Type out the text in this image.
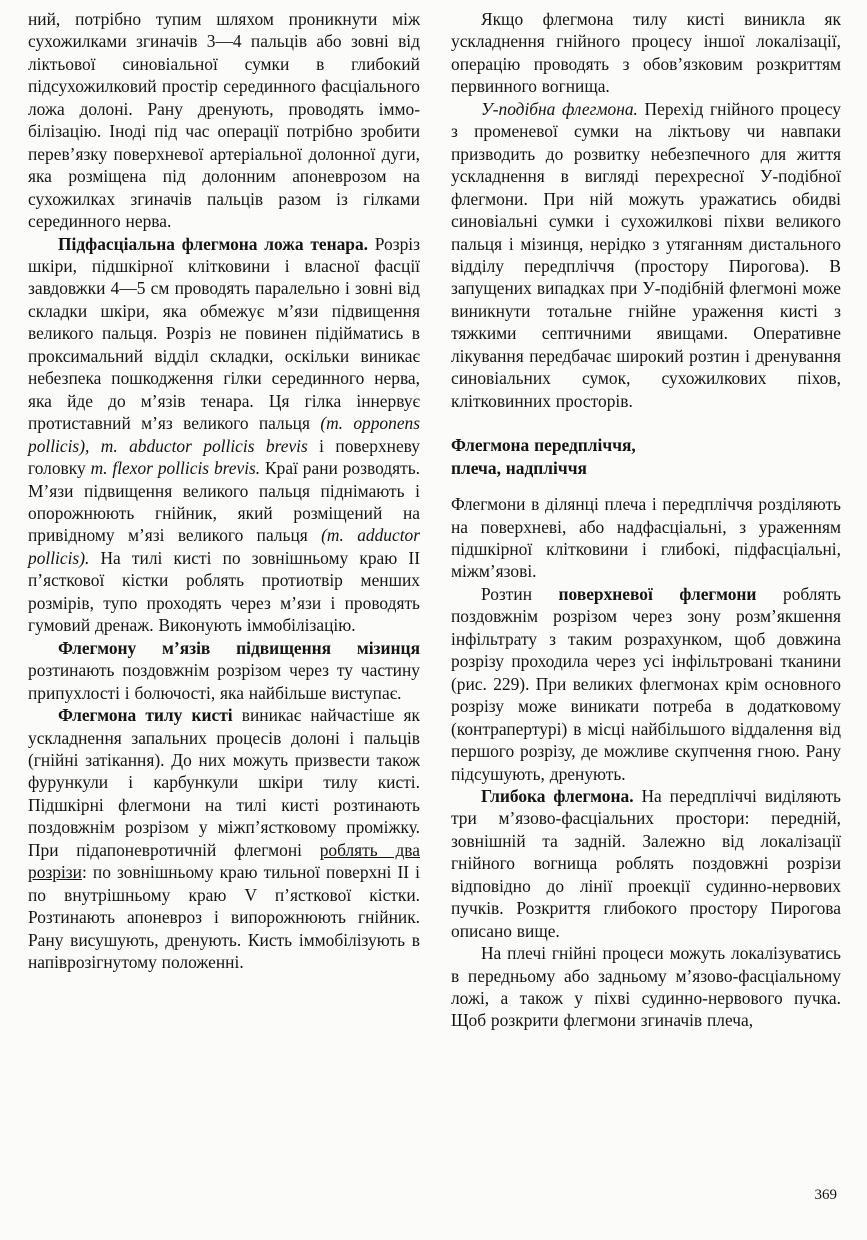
ний, потрібно тупим шляхом проникнути між сухожилками згиначів 3—4 пальців або зовні від ліктьової синовіальної сумки в глибокий підсухожилковий простір серединного фасціального ложа долоні. Рану дренують, проводять іммобілізацію. Іноді під час операції потрібно зробити перев’язку поверхневої артеріальної долонної дуги, яка розміщена під долонним апоневрозом на сухожилках згиначів пальців разом із гілками серединного нерва.

Підфасціальна флегмона ложа тенара. Розріз шкіри, підшкірної клітковини і власної фасції завдовжки 4—5 см проводять паралельно і зовні від складки шкіри, яка обмежує м’язи підвищення великого пальця. Розріз не повинен підійматись в проксимальний відділ складки, оскільки виникає небезпека пошкодження гілки серединного нерва, яка йде до м’язів тенара. Ця гілка іннервує протиставний м’яз великого пальця (m. opponens pollicis), m. abductor pollicis brevis і поверхневу головку m. flexor pollicis brevis. Краї рани розводять. М’язи підвищення великого пальця піднімають і опорожнюють гнійник, який розміщений на привідному м’язі великого пальця (m. adductor pollicis). На тилі кисті по зовнішньому краю II п’ясткової кістки роблять протиотвір менших розмірів, тупо проходять через м’язи і проводять гумовий дренаж. Виконують іммобілізацію.

Флегмону м’язів підвищення мізинця розтинають поздовжнім розрізом через ту частину припухлості і болючості, яка найбільше виступає.

Флегмона тилу кисті виникає найчастіше як ускладнення запальних процесів долоні і пальців (гнійні затікання). До них можуть призвести також фурункули і карбункули шкіри тилу кисті. Підшкірні флегмони на тилі кисті розтинають поздовжнім розрізом у міжп’ястковому проміжку. При підапоневротичній флегмоні роблять два розрізи: по зовнішньому краю тильної поверхні II і по внутрішньому краю V п’ясткової кістки. Розтинають апоневроз і випорожнюють гнійник. Рану висушують, дренують. Кисть іммобілізують в напіврозігнутому положенні.

Якщо флегмона тилу кисті виникла як ускладнення гнійного процесу іншої локалізації, операцію проводять з обов’язковим розкриттям первинного вогнища.

У-подібна флегмона. Перехід гнійного процесу з променевої сумки на ліктьову чи навпаки призводить до розвитку небезпечного для життя ускладнення в вигляді перехресної У-подібної флегмони. При ній можуть уражатись обидві синовіальні сумки і сухожилкові піхви великого пальця і мізинця, нерідко з утяганням дистального відділу передпліччя (простору Пирогова). В запущених випадках при У-подібній флегмоні може виникнути тотальне гнійне ураження кисті з тяжкими септичними явищами. Оперативне лікування передбачає широкий розтин і дренування синовіальних сумок, сухожилкових піхов, клітковинних просторів.

Флегмона передпліччя,
плеча, надпліччя

Флегмони в ділянці плеча і передпліччя розділяють на поверхневі, або надфасціальні, з ураженням підшкірної клітковини і глибокі, підфасціальні, міжм’язові.

Розтин поверхневої флегмони роблять поздовжнім розрізом через зону розм’якшення інфільтрату з таким розрахунком, щоб довжина розрізу проходила через усі інфільтровані тканини (рис. 229). При великих флегмонах крім основного розрізу може виникати потреба в додатковому (контрапертурі) в місці найбільшого віддалення від першого розрізу, де можливе скупчення гною. Рану підсушують, дренують.

Глибока флегмона. На передпліччі виділяють три м’язово-фасціальних простори: передній, зовнішній та задній. Залежно від локалізації гнійного вогнища роблять поздовжні розрізи відповідно до лінії проекції судинно-нервових пучків. Розкриття глибокого простору Пирогова описано вище.

На плечі гнійні процеси можуть локалізуватись в передньому або задньому м’язово-фасціальному ложі, а також у піхві судинно-нервового пучка. Щоб розкрити флегмони згиначів плеча,

369
